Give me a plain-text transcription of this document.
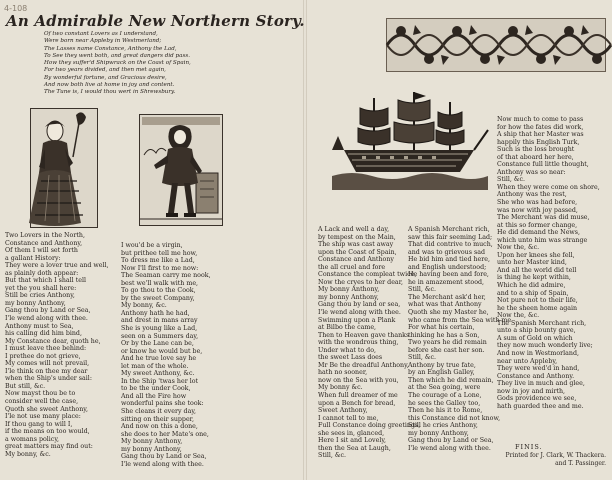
4-108
An Admirable New Northern Story.
Of two constant Lovers as I understand,
Were born near Appleby in Westmerland;
The Lasses name Constance, Anthony the Lad,
To See they went both, and great dangers did pass.
How they suffer'd Shipwrack on the Coast of Spain,
For two years divided, and then met again,
By wonderful fortune, and Gracious desire,
And now both live at home in joy and content.
The Tune is, I would thou wert in Shrewsbury.
Two Lovers in the North,
Constance and Anthony,
Of them I will set forth
a gallant History:
They were a lover true and well,
as plainly doth appear:
But that which I shall tell
yet the you shall here:
Still be cries Anthony,
my bonny Anthony,
Gang thou by Land or Sea,
I'le wend along with thee.
Anthony must to Sea,
his calling did him bind,
My Constance dear, quoth he,
I must leave thee behind:
I prethee do not grieve,
My comes will not prevail,
I'le think on thee my dear
when the Ship's under sail:
But still, &c.
Now mayst thou be to
consider well the case,
Quoth she sweet Anthony,
I'le not use many place:
If thou gang to will I,
if the means on too would,
a womans policy,
great matters may find out:
My bonny, &c.
I wou'd be a virgin,
but prithee tell me how,
To dress me like a Lad,
Now I'll first to me now:
The Seaman carry me nook,
best we'll walk with me,
To go thou to the Cook,
by the sweet Company,
My bonny, &c.
Anthony hath he had,
and drest in mans array
She is young like a Lad,
seen on a Summers day,
Or by the Lane can be,
or know he would but be,
And he true love say he
let man of the whole.
My sweet Anthony, &c.
In the Ship 'twas her lot
to be the under Cook,
And all the Fire how
wonderful pains she took:
She cleans it every day,
sitting on their supper,
And now on this a done,
she does to her Mate's one,
My bonny Anthony,
my bonny Anthony,
Gang thou by Land or Sea,
I'le wend along with thee.
A Lack and well a day,
by tempest on the Main,
The ship was cast away
upon the Coast of Spain,
Constance and Anthony
the all cruel and fore
Constance the compleat twice,
Now the cryes to her dear,
My bonny Anthony,
my bonny Anthony,
Gang thou by land or sea,
I'le wend along with thee.
Swimming upon a Plank
at Bilbo the came,
Then to Heaven gave thanks
with the wondrous thing,
Under what to do,
the sweet Lass does
Mr Be the dreadful Anthony,
hath no sooner,
now on the Sea with you,
My bonny &c.
When full dreamer of me
upon a Bench for bread,
Sweet Anthony,
I cannot tell to me,
Full Constance doing greetings,
she sees in, glanced,
Here I sit and Lovely,
then the Sea at Laugh,
Still, &c.
A Spanish Merchant rich,
saw this fair seeming Lad;
That did contrive to much,
and was to grievous sad
He bid him and tied here,
and English understood;
He having been and fore,
he in amazement stood,
Still, &c.
The Merchant ask'd her,
what was that Anthony
Quoth she my Master he,
who came from the Sea with me
For what his certain,
thinking he has a Son,
Two years he did remain
before she cast her son.
Still, &c.
Anthony by true fate,
by an English Galley,
Then which he did remain,
at the Sea going, were
The courage of a Lone,
he sees the Galley too,
Then he his it to Rome,
this Constance did not know,
Still he cries Anthony,
my bonny Anthony,
Gang thou by Land or Sea,
I'le wend along with thee.
Now much to come to pass
for how the fates did work,
A ship that her Master was
happily this English Turk,
Such is the loss brought
of that aboard her here,
Constance full little thought,
Anthony was so near:
Still, &c.
When they were come on shore,
Anthony was the rest,
She who was had before,
was now with joy passed,
The Merchant was did muse,
at this so former change,
He did demand the News,
which unto him was strange
Now the, &c.
Upon her knees she fell,
unto her Master kind,
And all the world did tell
is thing he kept within,
Which he did admire,
and to a ship of Spain,
Not pure not to their life,
he the sheen home again
Now the, &c.
The Spanish Merchant rich,
unto a ship bounty gave,
A sum of Gold on which
they now much wonderly live;
And now in Westmorland,
near unto Appleby,
They were wed'd in hand,
Constance and Anthony.
They live in much and glee,
now in joy and mirth,
Gods providence we see,
hath guarded thee and me.
FINIS.
Printed for J. Clark, W. Thackera.
and T. Passinger.
